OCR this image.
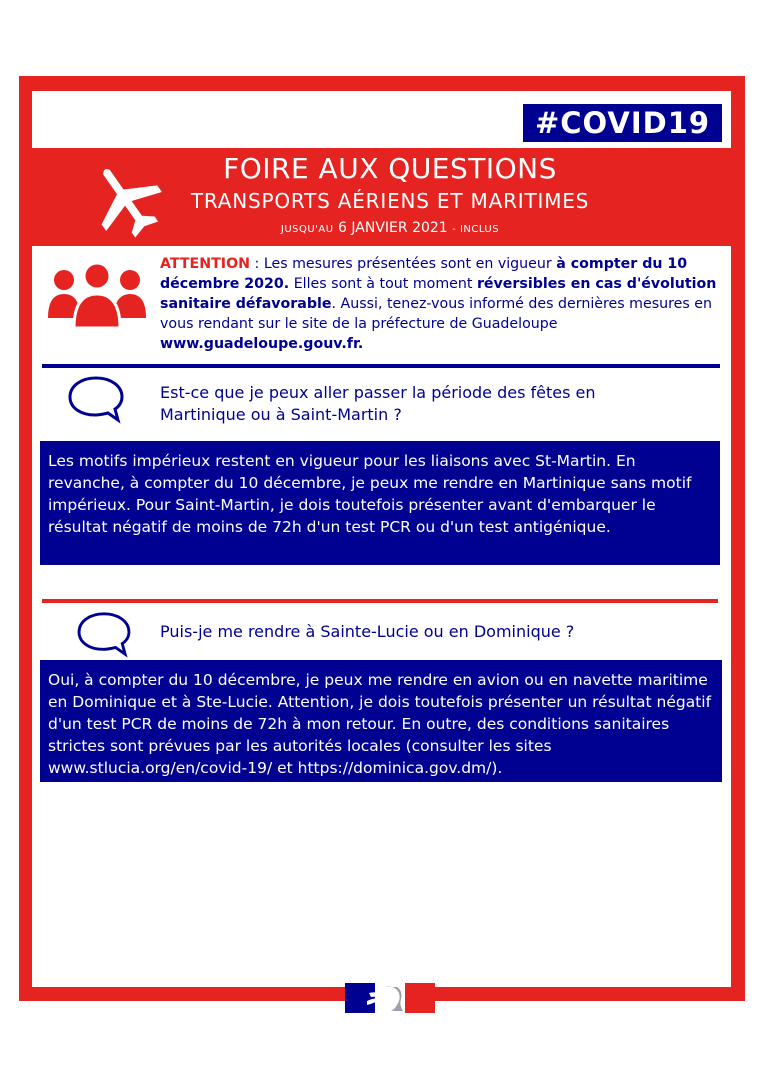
#COVID19
FOIRE AUX QUESTIONS
TRANSPORTS AÉRIENS ET MARITIMES
JUSQU'AU 6 JANVIER 2021 - INCLUS
ATTENTION : Les mesures présentées sont en vigueur à compter du 10 décembre 2020. Elles sont à tout moment réversibles en cas d'évolution sanitaire défavorable. Aussi, tenez-vous informé des dernières mesures en vous rendant sur le site de la préfecture de Guadeloupe www.guadeloupe.gouv.fr.
Est-ce que je peux aller passer la période des fêtes en Martinique ou à Saint-Martin ?
Les motifs impérieux restent en vigueur pour les liaisons avec St-Martin. En revanche, à compter du 10 décembre, je peux me rendre en Martinique sans motif impérieux. Pour Saint-Martin, je dois toutefois présenter avant d'embarquer le résultat négatif de moins de 72h d'un test PCR ou d'un test antigénique.
Puis-je me rendre à Sainte-Lucie ou en Dominique ?
Oui, à compter du 10 décembre, je peux me rendre en avion ou en navette maritime en Dominique et à Ste-Lucie. Attention, je dois toutefois présenter un résultat négatif d'un test PCR de moins de 72h à mon retour. En outre, des conditions sanitaires strictes sont prévues par les autorités locales (consulter les sites www.stlucia.org/en/covid-19/ et https://dominica.gov.dm/).
